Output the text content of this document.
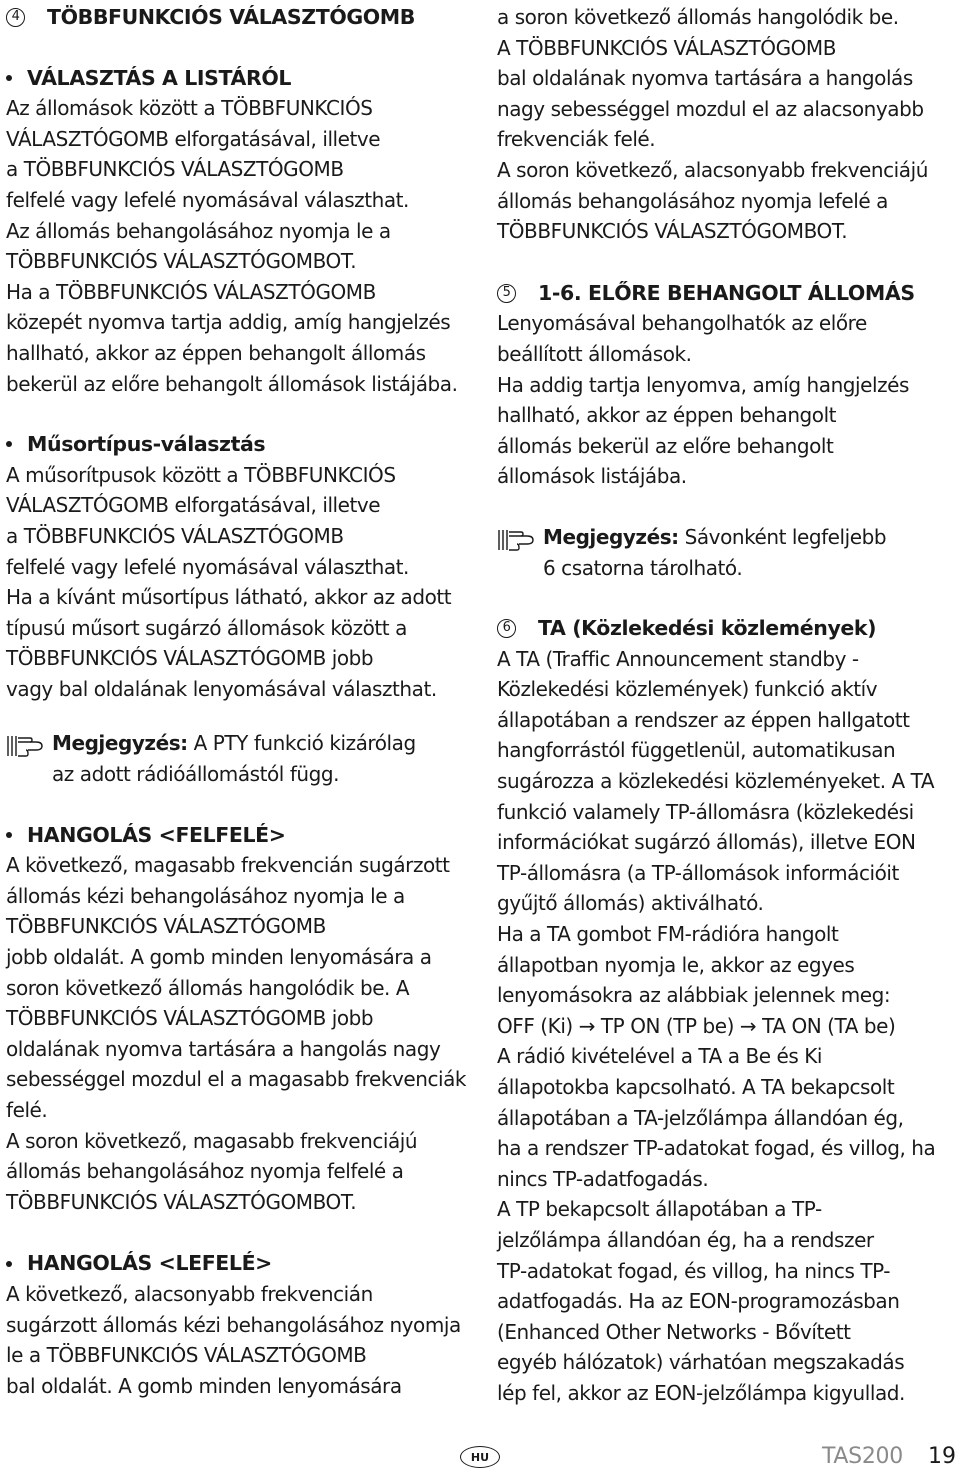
4 TÖBBFUNKCIÓS VÁLASZTÓGOMB
VÁLASZTÁS A LISTÁRÓL

Az állomások között a TÖBBFUNKCIÓS

VÁLASZTÓGOMB elforgatásával, illetve

a TÖBBFUNKCIÓS VÁLASZTÓGOMB

felfelé vagy lefelé nyomásával választhat.

Az állomás behangolásához nyomja le a

TÖBBFUNKCIÓS VÁLASZTÓGOMBOT.

Ha a TÖBBFUNKCIÓS VÁLASZTÓGOMB

közepét nyomva tartja addig, amíg hangjelzés

hallható, akkor az éppen behangolt állomás

bekerül az előre behangolt állomások listájába.

Műsortípus-választás

A műsorítpusok között a TÖBBFUNKCIÓS

VÁLASZTÓGOMB elforgatásával, illetve

a TÖBBFUNKCIÓS VÁLASZTÓGOMB

felfelé vagy lefelé nyomásával választhat.

Ha a kívánt műsortípus látható, akkor az adott

típusú műsort sugárzó állomások között a

TÖBBFUNKCIÓS VÁLASZTÓGOMB jobb

vagy bal oldalának lenyomásával választhat.

Megjegyzés: A PTY funkció kizárólag

az adott rádióállomástól függ.

HANGOLÁS <FELFELÉ>

A következő, magasabb frekvencián sugárzott

állomás kézi behangolásához nyomja le a

TÖBBFUNKCIÓS VÁLASZTÓGOMB

jobb oldalát. A gomb minden lenyomására a

soron következő állomás hangolódik be. A

TÖBBFUNKCIÓS VÁLASZTÓGOMB jobb

oldalának nyomva tartására a hangolás nagy

sebességgel mozdul el a magasabb frekvenciák

felé.

A soron következő, magasabb frekvenciájú

állomás behangolásához nyomja felfelé a

TÖBBFUNKCIÓS VÁLASZTÓGOMBOT.

HANGOLÁS <LEFELÉ>

A következő, alacsonyabb frekvencián

sugárzott állomás kézi behangolásához nyomja

le a TÖBBFUNKCIÓS VÁLASZTÓGOMB

bal oldalát. A gomb minden lenyomására

a soron következő állomás hangolódik be.

A TÖBBFUNKCIÓS VÁLASZTÓGOMB

bal oldalának nyomva tartására a hangolás

nagy sebességgel mozdul el az alacsonyabb

frekvenciák felé.

A soron következő, alacsonyabb frekvenciájú

állomás behangolásához nyomja lefelé a

TÖBBFUNKCIÓS VÁLASZTÓGOMBOT.

5 1-6. ELŐRE BEHANGOLT ÁLLOMÁS

Lenyomásával behangolhatók az előre

beállított állomások.

Ha addig tartja lenyomva, amíg hangjelzés

hallható, akkor az éppen behangolt

állomás bekerül az előre behangolt

állomások listájába.

Megjegyzés: Sávonként legfeljebb

6 csatorna tárolható.

6 TA (Közlekedési közlemények)

A TA (Traffic Announcement standby -

Közlekedési közlemények) funkció aktív

állapotában a rendszer az éppen hallgatott

hangforrástól függetlenül, automatikusan

sugározza a közlekedési közleményeket. A TA

funkció valamely TP-állomásra (közlekedési

információkat sugárzó állomás), illetve EON

TP-állomásra (a TP-állomások információit

gyűjtő állomás) aktiválható.

Ha a TA gombot FM-rádióra hangolt

állapotban nyomja le, akkor az egyes

lenyomásokra az alábbiak jelennek meg:

OFF (Ki) → TP ON (TP be) → TA ON (TA be)

A rádió kivételével a TA a Be és Ki

állapotokba kapcsolható. A TA bekapcsolt

állapotában a TA-jelzőlámpa állandóan ég,

ha a rendszer TP-adatokat fogad, és villog, ha

nincs TP-adatfogadás.

A TP bekapcsolt állapotában a TP-

jelzőlámpa állandóan ég, ha a rendszer

TP-adatokat fogad, és villog, ha nincs TP-

adatfogadás. Ha az EON-programozásban

(Enhanced Other Networks - Bővített

egyéb hálózatok) várhatóan megszakadás

lép fel, akkor az EON-jelzőlámpa kigyullad.

HU	TAS200 19
